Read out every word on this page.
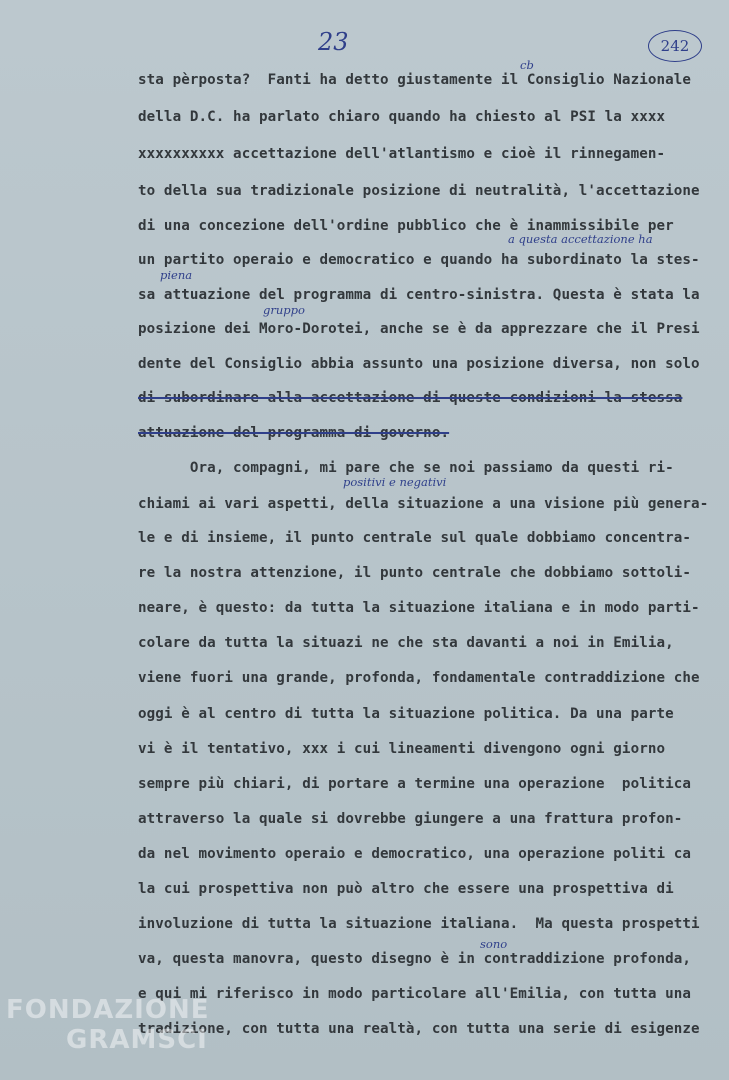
23	242
cb
a questa accettazione ha
piena
gruppo
positivi e negativi
sono
sta pèrposta?  Fanti ha detto giustamente il Consiglio Nazionale
della D.C. ha parlato chiaro quando ha chiesto al PSI la xxxx
xxxxxxxxxx accettazione dell'atlantismo e cioè il rinnegamen-
to della sua tradizionale posizione di neutralità, l'accettazione
di una concezione dell'ordine pubblico che è inammissibile per
un partito operaio e democratico e quando ha subordinato la stes-
sa attuazione del programma di centro-sinistra. Questa è stata la
posizione dei Moro-Dorotei, anche se è da apprezzare che il Presi
dente del Consiglio abbia assunto una posizione diversa, non solo
di subordinare alla accettazione di queste condizioni la stessa
attuazione del programma di governo.
Ora, compagni, mi pare che se noi passiamo da questi ri-
chiami ai vari aspetti, della situazione a una visione più genera-
le e di insieme, il punto centrale sul quale dobbiamo concentra-
re la nostra attenzione, il punto centrale che dobbiamo sottoli-
neare, è questo: da tutta la situazione italiana e in modo parti-
colare da tutta la situazi ne che sta davanti a noi in Emilia,
viene fuori una grande, profonda, fondamentale contraddizione che
oggi è al centro di tutta la situazione politica. Da una parte
vi è il tentativo, xxx i cui lineamenti divengono ogni giorno
sempre più chiari, di portare a termine una operazione  politica
attraverso la quale si dovrebbe giungere a una frattura profon-
da nel movimento operaio e democratico, una operazione politi ca
la cui prospettiva non può altro che essere una prospettiva di
involuzione di tutta la situazione italiana.  Ma questa prospetti
va, questa manovra, questo disegno è in contraddizione profonda,
e qui mi riferisco in modo particolare all'Emilia, con tutta una
tradizione, con tutta una realtà, con tutta una serie di esigenze
FONDAZIONE
GRAMSCI
